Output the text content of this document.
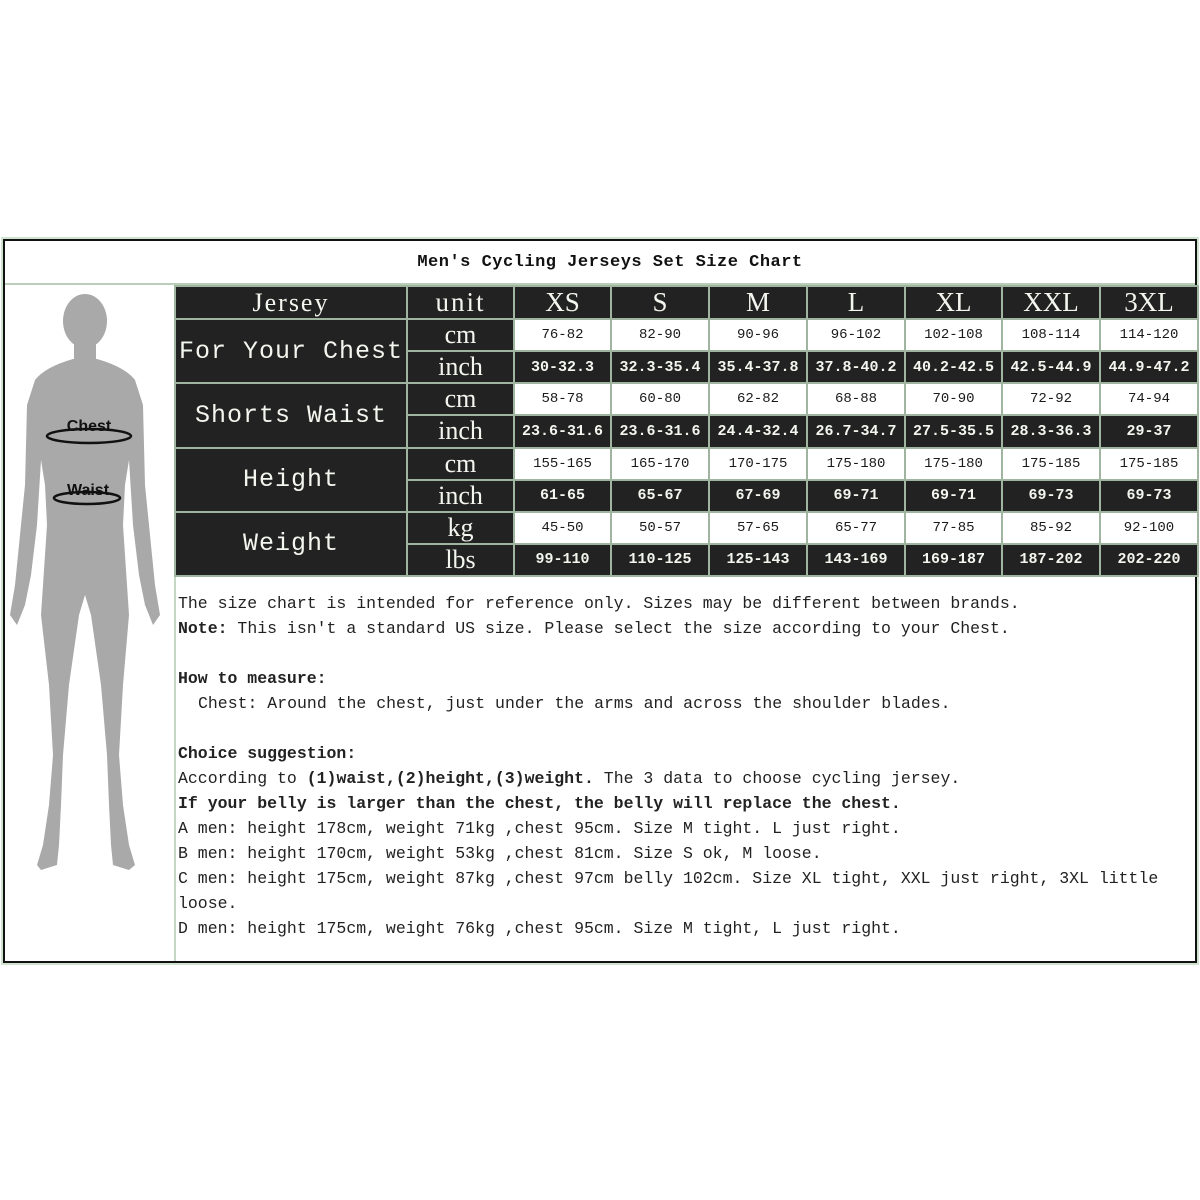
Men's Cycling Jerseys Set Size Chart
Chest
Waist
Jersey	unit	XS	S	M	L	XL	XXL	3XL
For Your Chest	cm	76-82	82-90	90-96	96-102	102-108	108-114	114-120
	inch	30-32.3	32.3-35.4	35.4-37.8	37.8-40.2	40.2-42.5	42.5-44.9	44.9-47.2
Shorts Waist	cm	58-78	60-80	62-82	68-88	70-90	72-92	74-94
	inch	23.6-31.6	23.6-31.6	24.4-32.4	26.7-34.7	27.5-35.5	28.3-36.3	29-37
Height	cm	155-165	165-170	170-175	175-180	175-180	175-185	175-185
	inch	61-65	65-67	67-69	69-71	69-71	69-73	69-73
Weight	kg	45-50	50-57	57-65	65-77	77-85	85-92	92-100
	lbs	99-110	110-125	125-143	143-169	169-187	187-202	202-220

The size chart is intended for reference only. Sizes may be different between brands.

Note: This isn't a standard US size. Please select the size according to your Chest.

How to measure:

Chest: Around the chest, just under the arms and across the shoulder blades.

Choice suggestion:

According to (1)waist,(2)height,(3)weight. The 3 data to choose cycling jersey.

If your belly is larger than the chest, the belly will replace the chest.

A men: height 178cm, weight 71kg ,chest 95cm. Size M tight. L just right.

B men: height 170cm, weight 53kg ,chest 81cm. Size S ok, M loose.

C men: height 175cm, weight 87kg ,chest 97cm belly 102cm. Size XL tight, XXL just right, 3XL little

loose.

D men: height 175cm, weight 76kg ,chest 95cm. Size M tight, L just right.
